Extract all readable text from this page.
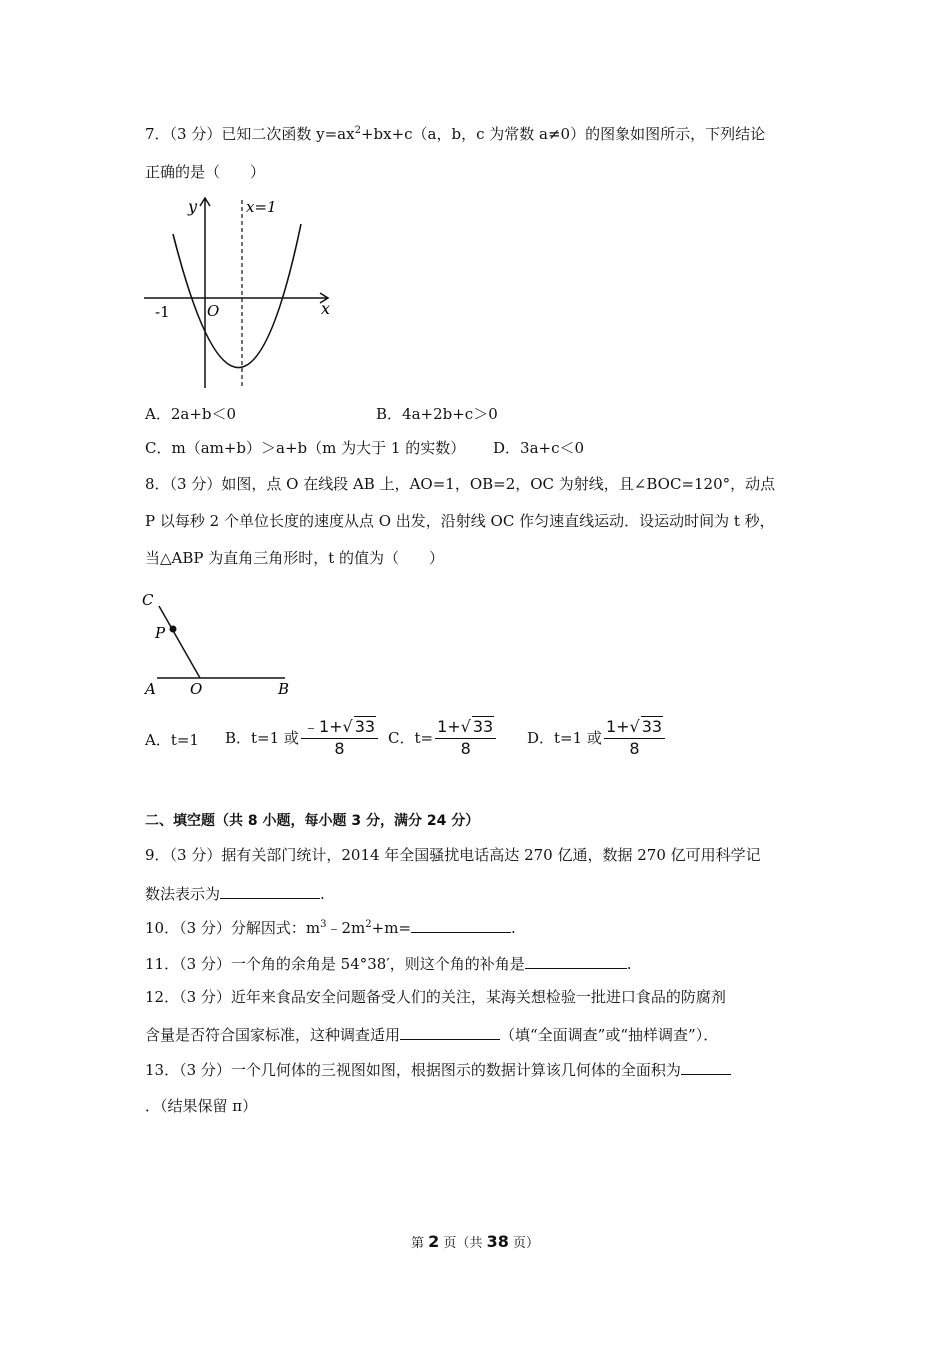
7．（3 分）已知二次函数 $y=ax^2+bx+c(a$，b，c 为常数 a≠0）的图象如图所示，下列结论
正确的是（　　）
y	x=1
x
O
-1
A．2a+b＜0	B．4a+2b+c＞0
C．m（am+b）＞a+b（m 为大于 1 的实数） D．3a+c＜0
8．（3 分）如图，点 O 在线段 AB 上，AO=1，OB=2，OC 为射线，且∠BOC=120°，动点
P 以每秒 2 个单位长度的速度从点 O 出发，沿射线 OC 作匀速直线运动．设运动时间为 t 秒，
当△ABP 为直角三角形时，t 的值为（　　）
C
P
A O	B
A．t=1 B．t=1 或 $\frac{﹣1+√ 33}{8}$ C．$t= \frac{1+√ 33}{8}$ D．t=1 或 $\frac{1+√ 33}{8}$
二、填空题（共 8 小题，每小题 3 分，满分 24 分）
9．（3 分）据有关部门统计，2014 年全国骚扰电话高达 270 亿通，数据 270 亿可用科学记
数法表示为	.
10．（3 分）分解因式：$m^3﹣2m^2+m=$	.
11．（3 分）一个角的余角是 54°38′，则这个角的补角是	.
12．（3 分）近年来食品安全问题备受人们的关注，某海关想检验一批进口食品的防腐剂
含量是否符合国家标准，这种调查适用	（填“全面调查”或“抽样调查”）．
13．（3 分）一个几何体的三视图如图，根据图示的数据计算该几何体的全面积为
．（结果保留 π）
第 2 页（共 38 页）
